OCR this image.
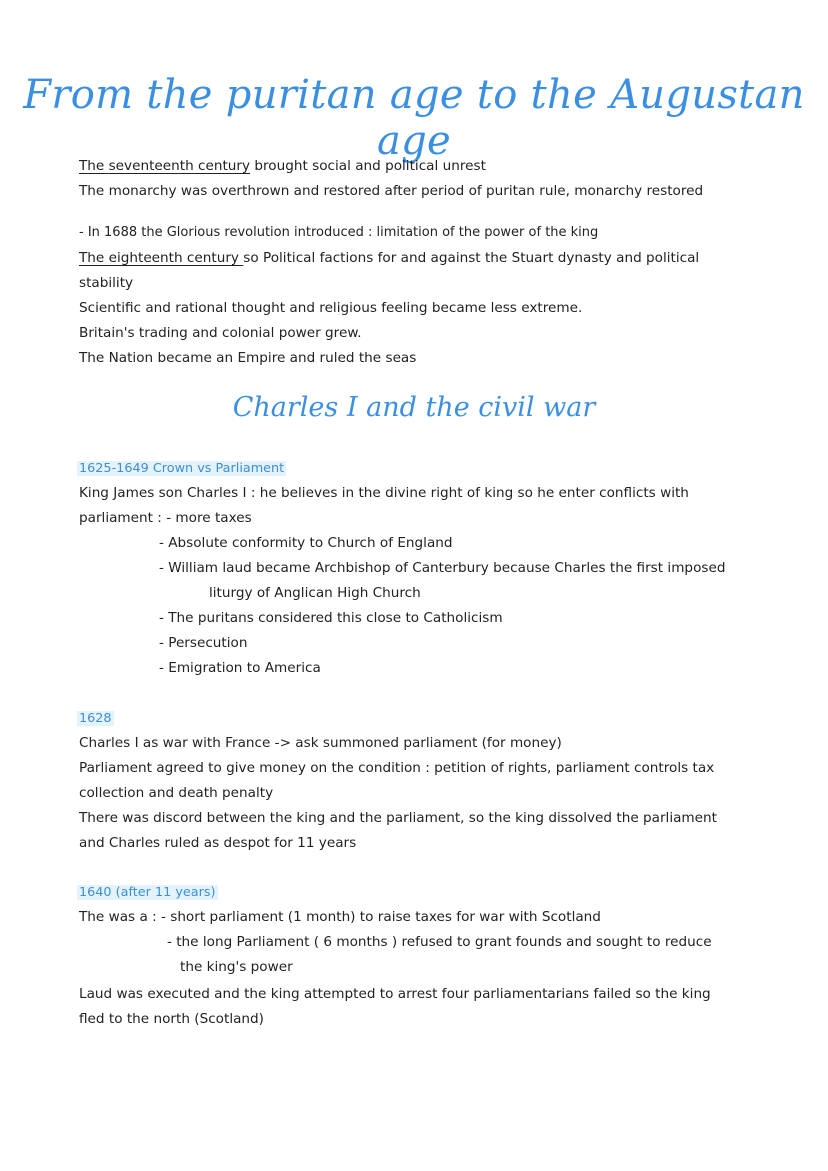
From the puritan age to the Augustan age
The seventeenth century brought social and political unrest
The monarchy was overthrown and restored after period of puritan rule, monarchy restored
- In 1688 the Glorious revolution introduced : limitation of the power of the king
The eighteenth century so Political factions for and against the Stuart dynasty and political
stability
Scientific and rational thought and religious feeling became less extreme.
Britain's trading and colonial power grew.
The Nation became an Empire and ruled the seas
Charles I and the civil war
1625-1649 Crown vs Parliament
King James son Charles I : he believes in the divine right of king so he enter conflicts with
parliament : - more taxes
- Absolute conformity to Church of England
- William laud became Archbishop of Canterbury because Charles the first imposed
liturgy of Anglican High Church
- The puritans considered this close to Catholicism
- Persecution
- Emigration to America
1628
Charles I as war with France -> ask summoned parliament (for money)
Parliament agreed to give money on the condition : petition of rights, parliament controls tax
collection and death penalty
There was discord between the king and the parliament, so the king dissolved the parliament
and Charles ruled as despot for 11 years
1640 (after 11 years)
The was a : - short parliament (1 month) to raise taxes for war with Scotland
- the long Parliament ( 6 months ) refused to grant founds and sought to reduce
the king's power
Laud was executed and the king attempted to arrest four parliamentarians failed so the king
fled to the north (Scotland)
